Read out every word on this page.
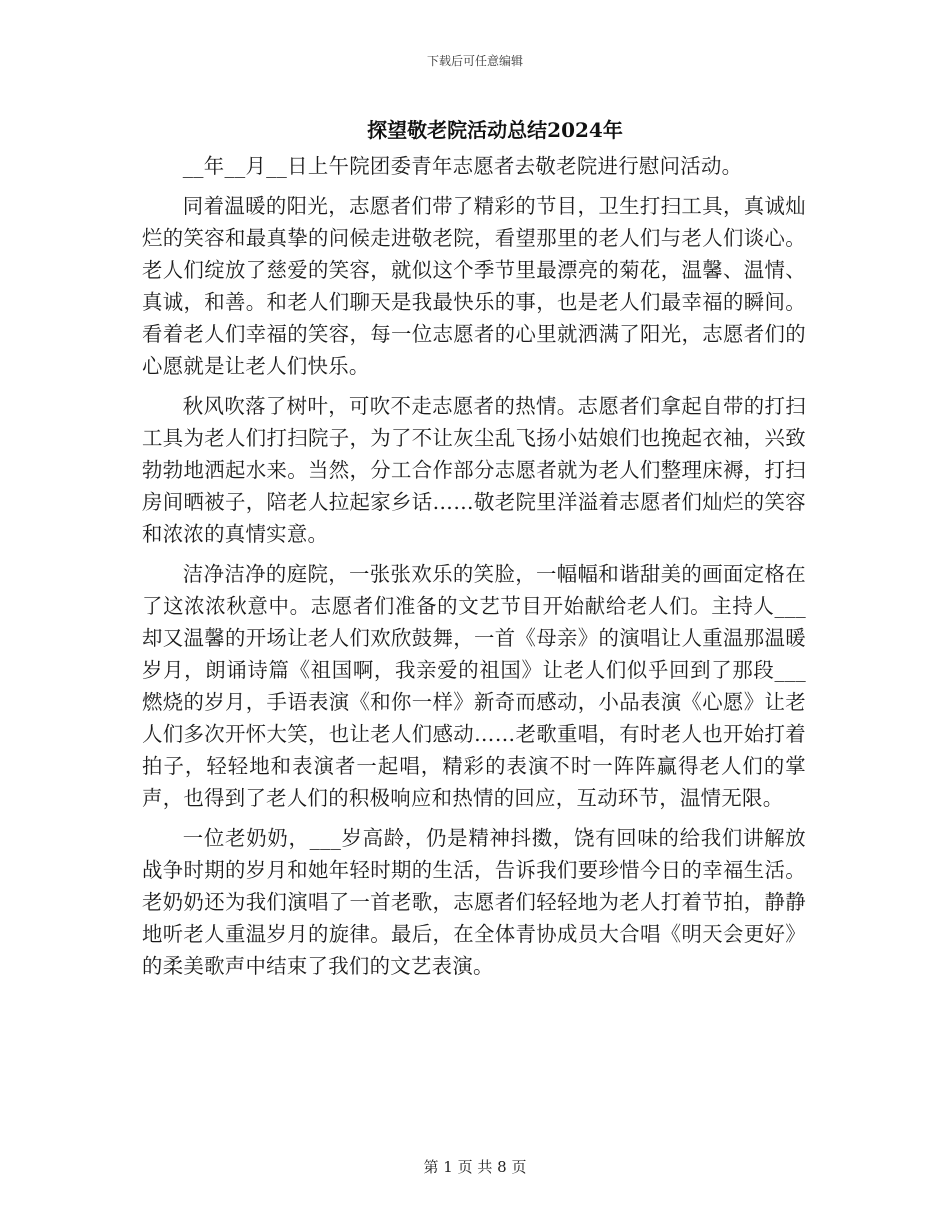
下载后可任意编辑
探望敬老院活动总结2024年

__年__月__日上午院团委青年志愿者去敬老院进行慰问活动。

同着温暖的阳光，志愿者们带了精彩的节目，卫生打扫工具，真诚灿烂的笑容和最真挚的问候走进敬老院，看望那里的老人们与老人们谈心。老人们绽放了慈爱的笑容，就似这个季节里最漂亮的菊花，温馨、温情、真诚，和善。和老人们聊天是我最快乐的事，也是老人们最幸福的瞬间。看着老人们幸福的笑容，每一位志愿者的心里就洒满了阳光，志愿者们的心愿就是让老人们快乐。

秋风吹落了树叶，可吹不走志愿者的热情。志愿者们拿起自带的打扫工具为老人们打扫院子，为了不让灰尘乱飞扬小姑娘们也挽起衣袖，兴致勃勃地洒起水来。当然，分工合作部分志愿者就为老人们整理床褥，打扫房间晒被子，陪老人拉起家乡话……敬老院里洋溢着志愿者们灿烂的笑容和浓浓的真情实意。

洁净洁净的庭院，一张张欢乐的笑脸，一幅幅和谐甜美的画面定格在了这浓浓秋意中。志愿者们准备的文艺节目开始献给老人们。主持人___却又温馨的开场让老人们欢欣鼓舞，一首《母亲》的演唱让人重温那温暖岁月，朗诵诗篇《祖国啊，我亲爱的祖国》让老人们似乎回到了那段___燃烧的岁月，手语表演《和你一样》新奇而感动，小品表演《心愿》让老人们多次开怀大笑，也让老人们感动……老歌重唱，有时老人也开始打着拍子，轻轻地和表演者一起唱，精彩的表演不时一阵阵赢得老人们的掌声，也得到了老人们的积极响应和热情的回应，互动环节，温情无限。

一位老奶奶，___岁高龄，仍是精神抖擞，饶有回味的给我们讲解放战争时期的岁月和她年轻时期的生活，告诉我们要珍惜今日的幸福生活。老奶奶还为我们演唱了一首老歌，志愿者们轻轻地为老人打着节拍，静静地听老人重温岁月的旋律。最后，在全体青协成员大合唱《明天会更好》的柔美歌声中结束了我们的文艺表演。

第 1 页 共 8 页
